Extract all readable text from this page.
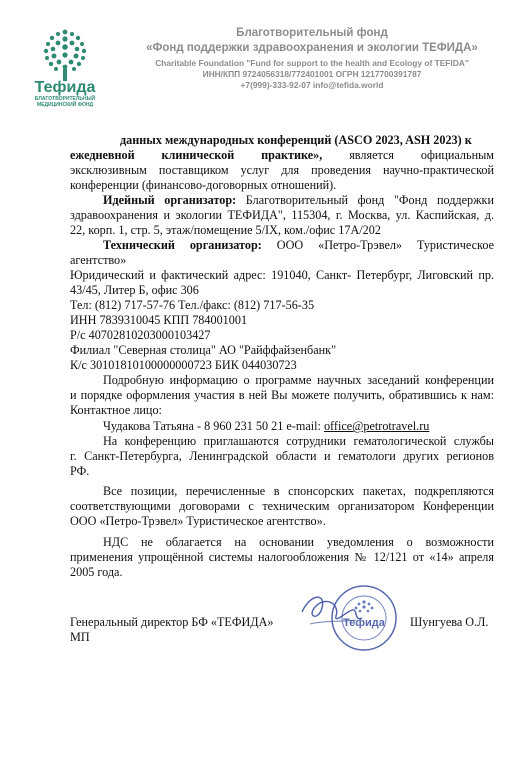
Тефида
БЛАГОТВОРИТЕЛЬНЫЙ
МЕДИЦИНСКИЙ ФОНД
Благотворительный фонд
«Фонд поддержки здравоохранения и экологии ТЕФИДА»
Charitable Foundation "Fund for support to the health and Ecology of TEFIDA"
ИНН/КПП 9724056318/772401001 ОГРН 1217700391787
+7(999)-333-92-07 info@tefida.world
данных международных конференций (ASCO 2023, ASH 2023) к
ежедневной клинической практике», является официальным
эксклюзивным поставщиком услуг для проведения научно-практической
конференции (финансово-договорных отношений).
Идейный организатор: Благотворительный фонд "Фонд поддержки
здравоохранения и экологии ТЕФИДА", 115304, г. Москва, ул. Каспийская, д.
22, корп. 1, стр. 5, этаж/помещение 5/IX, ком./офис 17А/202
Технический организатор: ООО «Петро-Трэвел» Туристическое
агентство»
Юридический и фактический адрес: 191040, Санкт- Петербург, Лиговский пр.
43/45, Литер Б, офис 306
Тел: (812) 717-57-76 Тел./факс: (812) 717-56-35
ИНН 7839310045 КПП 784001001
Р/с 40702810203000103427
Филиал "Северная столица" АО "Райффайзенбанк"
К/с 30101810100000000723 БИК 044030723
Подробную информацию о программе научных заседаний конференции
и порядке оформления участия в ней Вы можете получить, обратившись к нам:
Контактное лицо:
Чудакова Татьяна - 8 960 231 50 21 e-mail: office@petrotravel.ru
На конференцию приглашаются сотрудники гематологической службы
г. Санкт-Петербурга, Ленинградской области и гематологи других регионов
РФ.
Все позиции, перечисленные в спонсорских пакетах, подкрепляются
соответствующими договорами с техническим организатором Конференции
ООО «Петро-Трэвел» Туристическое агентство».
НДС не облагается на основании уведомления о возможности
применения упрощённой системы налогообложения № 12/121 от «14» апреля
2005 года.
Генеральный директор БФ «ТЕФИДА»
МП
Шунгуева О.Л.
Тефида
